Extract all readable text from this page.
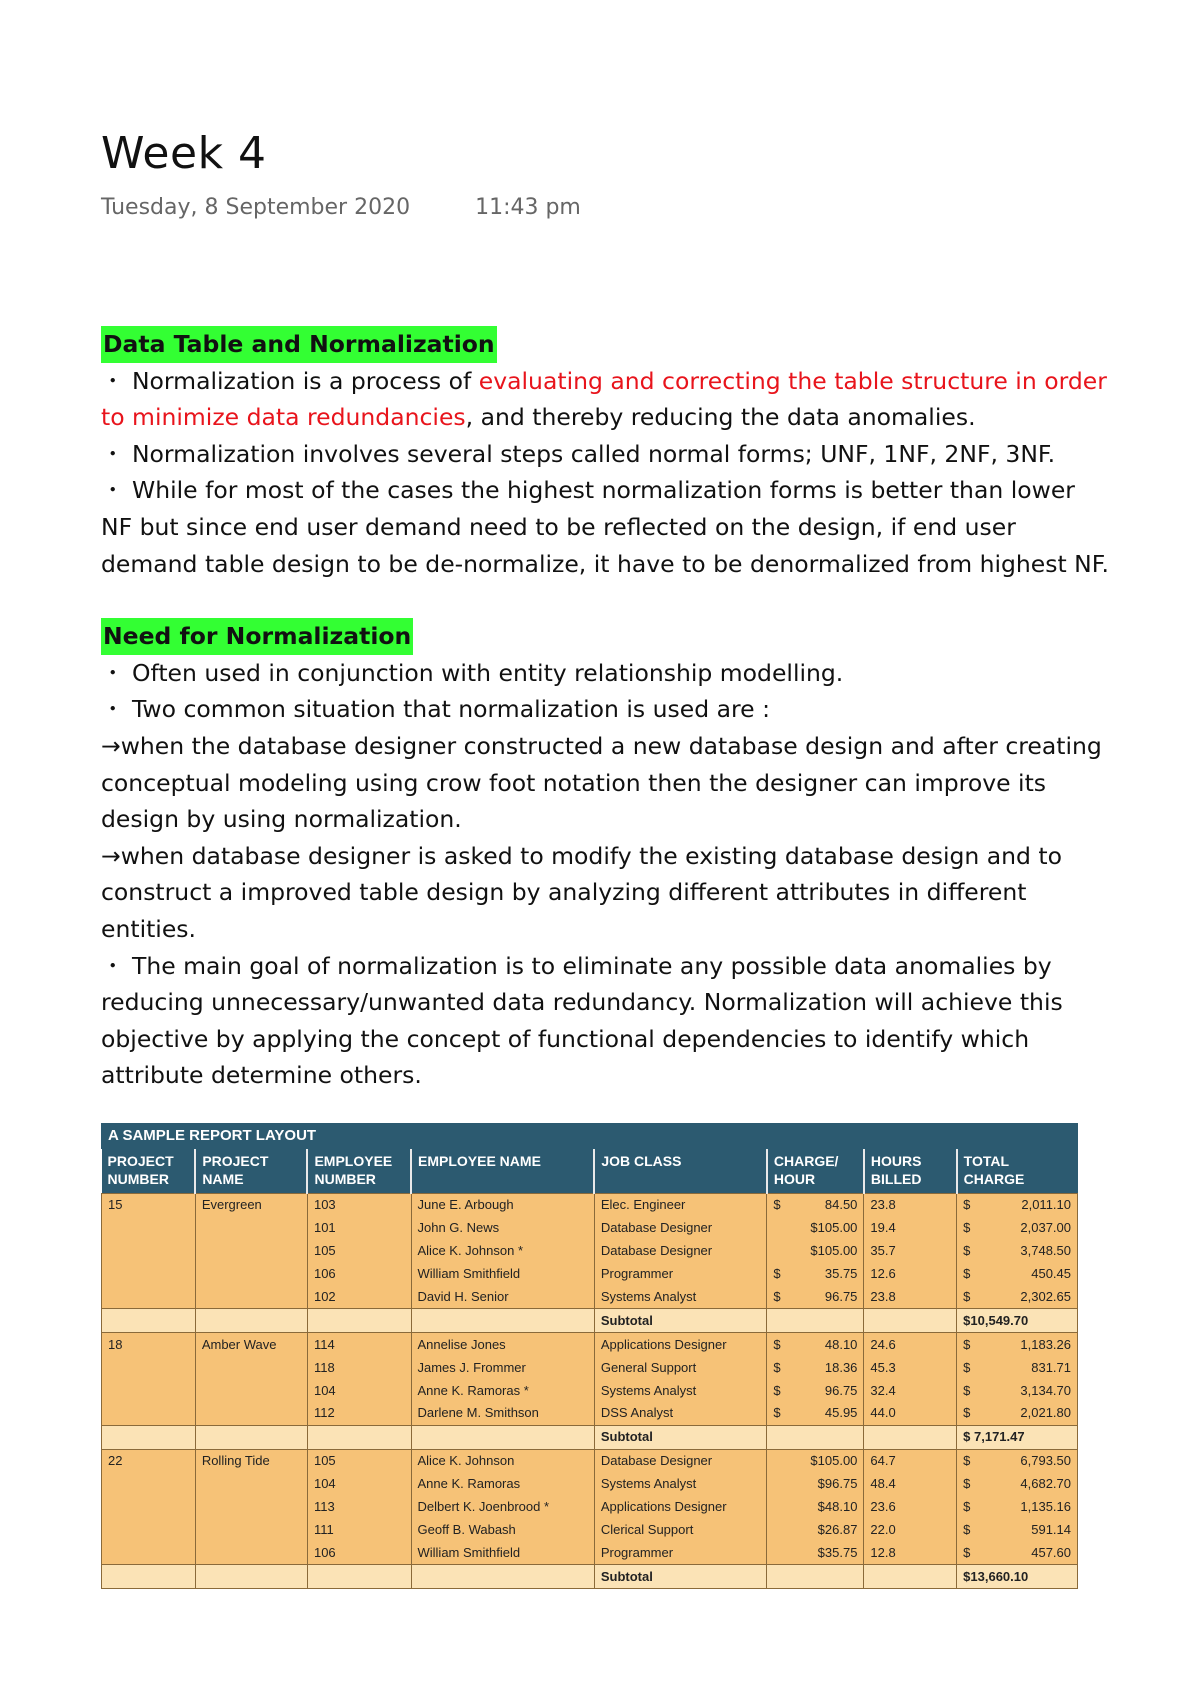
Week 4
Tuesday, 8 September 2020	11:43 pm
Data Table and Normalization

・ Normalization is a process of evaluating and correcting the table structure in order to minimize data redundancies, and thereby reducing the data anomalies.

・ Normalization involves several steps called normal forms; UNF, 1NF, 2NF, 3NF.

・ While for most of the cases the highest normalization forms is better than lower NF but since end user demand need to be reflected on the design, if end user demand table design to be de-normalize, it have to be denormalized from highest NF.

Need for Normalization

・ Often used in conjunction with entity relationship modelling.

・ Two common situation that normalization is used are :

→when the database designer constructed a new database design and after creating conceptual modeling using crow foot notation then the designer can improve its design by using normalization.

→when database designer is asked to modify the existing database design and to construct a improved table design by analyzing different attributes in different entities.

・ The main goal of normalization is to eliminate any possible data anomalies by reducing unnecessary/unwanted data redundancy. Normalization will achieve this objective by applying the concept of functional dependencies to identify which attribute determine others.

A SAMPLE REPORT LAYOUT
PROJECT NUMBER	PROJECT NAME	EMPLOYEE NUMBER	EMPLOYEE NAME	JOB CLASS	CHARGE/ HOUR	HOURS BILLED	TOTAL CHARGE
15	Evergreen	103	June E. Arbough	Elec. Engineer	$ 84.50	23.8	$ 2,011.10

		101	John G. News	Database Designer	$105.00	19.4	$ 2,037.00

		105	Alice K. Johnson *	Database Designer	$105.00	35.7	$ 3,748.50

		106	William Smithfield	Programmer	$ 35.75	12.6	$ 450.45

		102	David H. Senior	Systems Analyst	$ 96.75	23.8	$ 2,302.65

				Subtotal			$10,549.70
18	Amber Wave	114	Annelise Jones	Applications Designer	$ 48.10	24.6	$ 1,183.26

		118	James J. Frommer	General Support	$ 18.36	45.3	$ 831.71

		104	Anne K. Ramoras *	Systems Analyst	$ 96.75	32.4	$ 3,134.70

		112	Darlene M. Smithson	DSS Analyst	$ 45.95	44.0	$ 2,021.80

				Subtotal			$ 7,171.47
22	Rolling Tide	105	Alice K. Johnson	Database Designer	$105.00	64.7	$ 6,793.50

		104	Anne K. Ramoras	Systems Analyst	$96.75	48.4	$ 4,682.70

		113	Delbert K. Joenbrood *	Applications Designer	$48.10	23.6	$ 1,135.16

		111	Geoff B. Wabash	Clerical Support	$26.87	22.0	$ 591.14

		106	William Smithfield	Programmer	$35.75	12.8	$ 457.60

				Subtotal			$13,660.10
